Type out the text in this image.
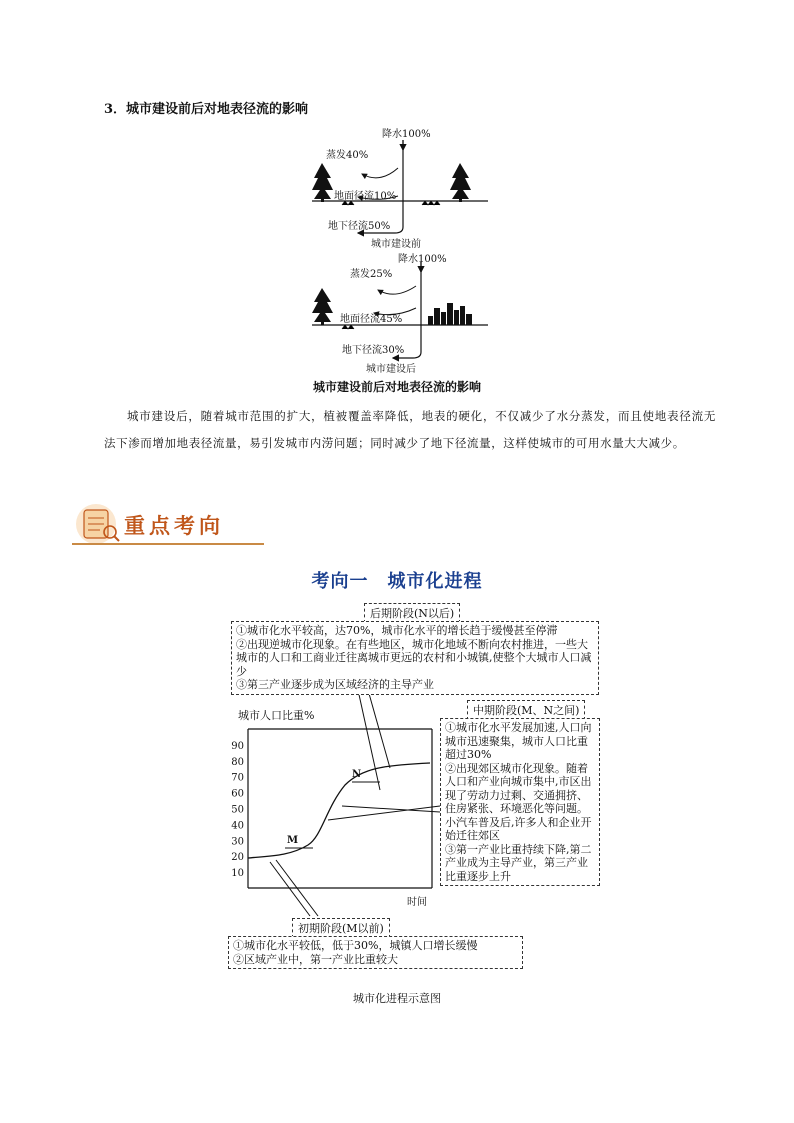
3．城市建设前后对地表径流的影响
降水100%
蒸发40%
地面径流10%
地下径流50%
城市建设前
降水100%
蒸发25%
地面径流45%
地下径流30%
城市建设后
城市建设前后对地表径流的影响
城市建设后，随着城市范围的扩大，植被覆盖率降低，地表的硬化，不仅减少了水分蒸发，而且使地表径流无法下渗而增加地表径流量，易引发城市内涝问题；同时减少了地下径流量，这样使城市的可用水量大大减少。
重点考向
考向一　城市化进程
90
80
70
60
50
40
30
20
10
M
N
时间
城市人口比重%
后期阶段(N以后)
①城市化水平较高，达70%，城市化水平的增长趋于缓慢甚至停滞
②出现逆城市化现象。在有些地区，城市化地域不断向农村推进，一些大城市的人口和工商业迁往离城市更远的农村和小城镇,使整个大城市人口减少
③第三产业逐步成为区域经济的主导产业
中期阶段(M、N之间)
①城市化水平发展加速,人口向城市迅速聚集，城市人口比重超过30%
②出现郊区城市化现象。随着人口和产业向城市集中,市区出现了劳动力过剩、交通拥挤、住房紧张、环境恶化等问题。小汽车普及后,许多人和企业开始迁往郊区
③第一产业比重持续下降,第二产业成为主导产业，第三产业比重逐步上升
初期阶段(M以前)
①城市化水平较低，低于30%，城镇人口增长缓慢
②区域产业中，第一产业比重较大
城市化进程示意图
